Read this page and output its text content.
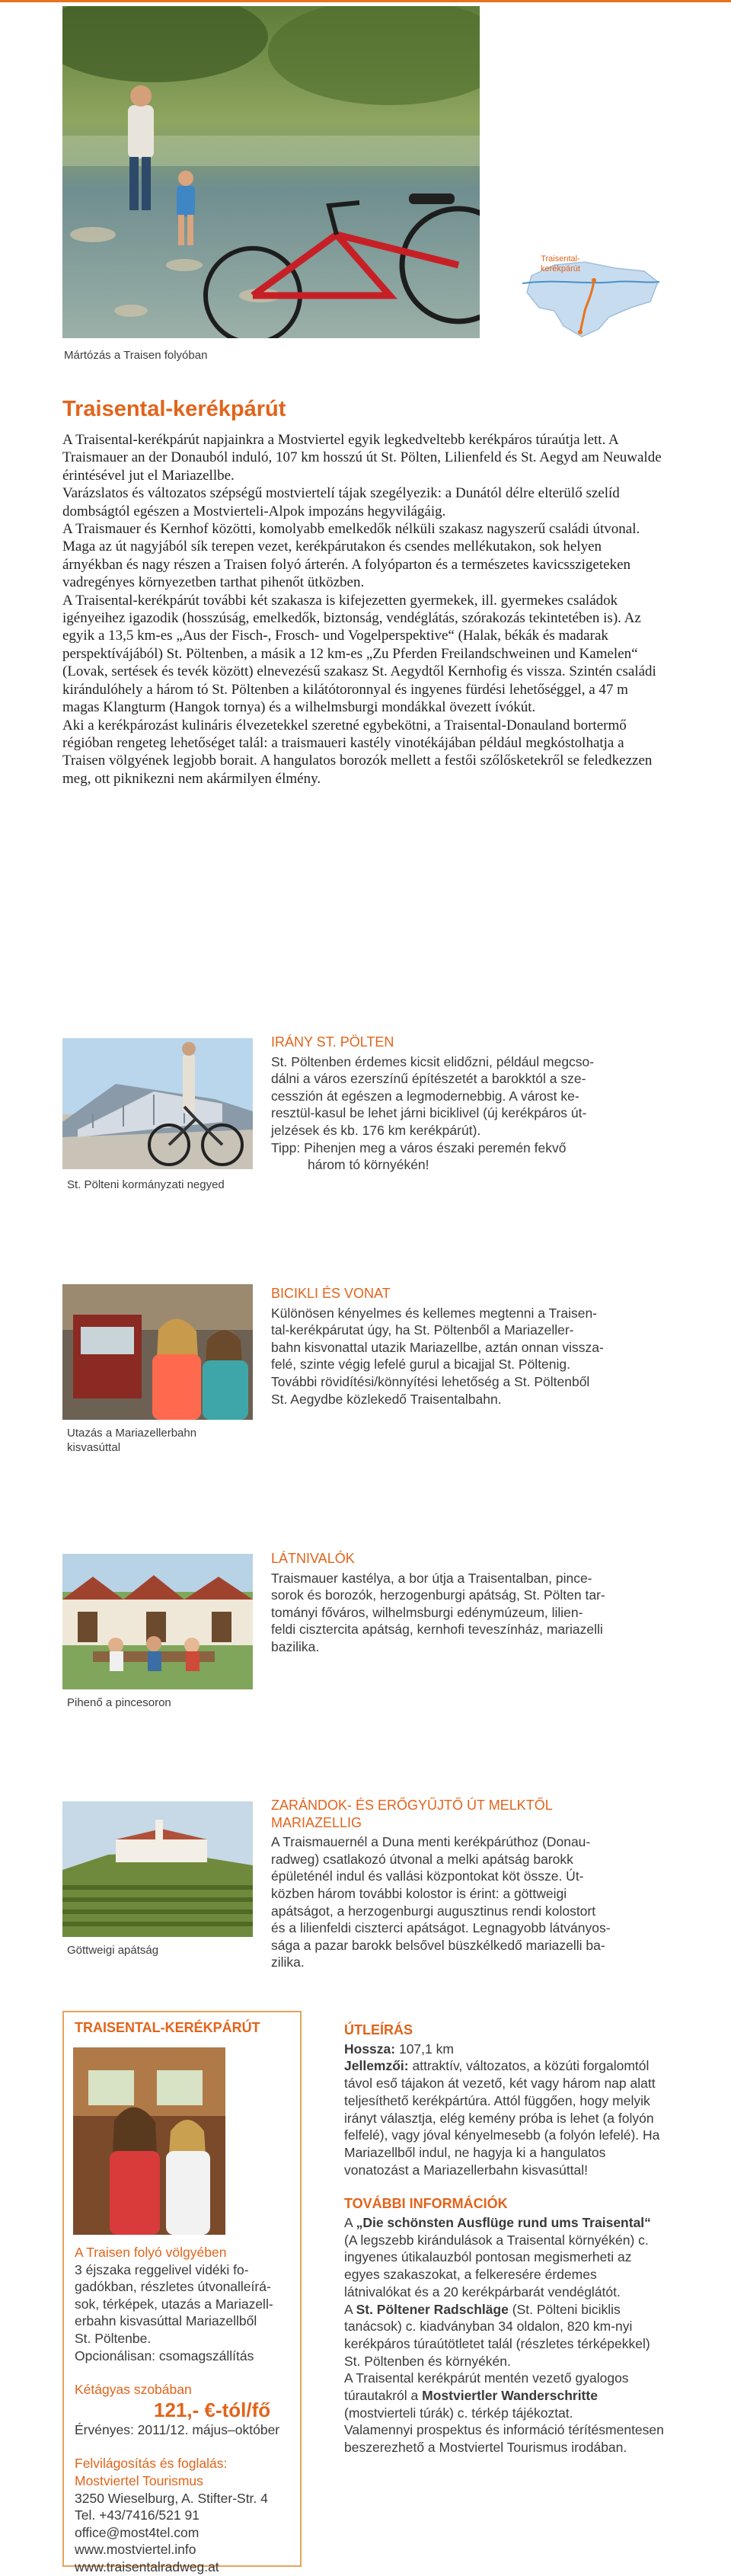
Mártózás a Traisen folyóban
Traisental-
kerékpárút
Traisental-kerékpárút

A Traisental-kerékpárút napjainkra a Mostviertel egyik legkedveltebb kerékpáros túraútja lett. A Traismauer an der Donauból induló, 107 km hosszú út St. Pölten, Lilienfeld és St. Aegyd am Neuwalde érintésével jut el Mariazellbe.

Varázslatos és változatos szépségű mostviertelí tájak szegélyezik: a Dunától délre elterülő szelíd dombságtól egészen a Mostvierteli-Alpok impozáns hegyvilágáig.

A Traismauer és Kernhof közötti, komolyabb emelkedők nélküli szakasz nagyszerű családi útvonal. Maga az út nagyjából sík terepen vezet, kerékpárutakon és csendes mellékutakon, sok helyen árnyékban és nagy részen a Traisen folyó árterén. A folyóparton és a természetes kavicsszigeteken vadregényes környezetben tarthat pihenőt ütközben.

A Traisental-kerékpárút további két szakasza is kifejezetten gyermekek, ill. gyermekes családok igényeihez igazodik (hosszúság, emelkedők, biztonság, vendéglátás, szórakozás tekintetében is). Az egyik a 13,5 km-es „Aus der Fisch-, Frosch- und Vogelperspektive“ (Halak, békák és madarak perspektívájából) St. Pöltenben, a másik a 12 km-es „Zu Pferden Freilandschweinen und Kamelen“ (Lovak, sertések és tevék között) elnevezésű szakasz St. Aegydtől Kernhofig és vissza. Szintén családi kirándulóhely a három tó St. Pöltenben a kilátótoronnyal és ingyenes fürdési lehetőséggel, a 47 m magas Klangturm (Hangok tornya) és a wilhelmsburgi mondákkal övezett ívókút.

Aki a kerékpározást kulináris élvezetekkel szeretné egybekötni, a Traisental-Donauland bortermő régióban rengeteg lehetőséget talál: a traismaueri kastély vinotékájában például megkóstolhatja a Traisen völgyének legjobb borait. A hangulatos borozók mellett a festői szőlősketekről se feledkezzen meg, ott piknikezni nem akármilyen élmény.

St. Pölteni kormányzati negyed
IRÁNY ST. PÖLTEN

St. Pöltenben érdemes kicsit elidőzni, például megcso-

dálni a város ezerszínű építészetét a barokktól a sze-

cesszión át egészen a legmodernebbig. A várost ke-

resztül-kasul be lehet járni biciklivel (új kerékpáros út-

jelzések és kb. 176 km kerékpárút).

Tipp: Pihenjen meg a város északi peremén fekvő

három tó környékén!

Utazás a Mariazellerbahn
kisvasúttal
BICIKLI ÉS VONAT

Különösen kényelmes és kellemes megtenni a Traisen-

tal-kerékpárutat úgy, ha St. Pöltenből a Mariazeller-

bahn kisvonattal utazik Mariazellbe, aztán onnan vissza-

felé, szinte végig lefelé gurul a bicajjal St. Pöltenig.

További rövidítési/könnyítési lehetőség a St. Pöltenből

St. Aegydbe közlekedő Traisentalbahn.

Pihenő a pincesoron
LÁTNIVALÓK

Traismauer kastélya, a bor útja a Traisentalban, pince-

sorok és borozók, herzogenburgi apátság, St. Pölten tar-

tományi főváros, wilhelmsburgi edénymúzeum, lilien-

feldi cisztercita apátság, kernhofi teveszínház, mariazelli

bazilika.

Göttweigi apátság
ZARÁNDOK- ÉS ERŐGYŰJTŐ ÚT MELKTŐL MARIAZELLIG

A Traismauernél a Duna menti kerékpárúthoz (Donau-

radweg) csatlakozó útvonal a melki apátság barokk

épületénél indul és vallási központokat köt össze. Út-

közben három további kolostor is érint: a göttweigi

apátságot, a herzogenburgi augusztinus rendi kolostort

és a lilienfeldi ciszterci apátságot. Legnagyobb látványos-

sága a pazar barokk belsővel büszkélkedő mariazelli ba-

zilika.

TRAISENTAL-KERÉKPÁRÚT

A Traisen folyó völgyében

3 éjszaka reggelivel vidéki fo-

gadókban, részletes útvonalleírá-

sok, térképek, utazás a Mariazell-

erbahn kisvasúttal Mariazellből

St. Pöltenbe.

Opcionálisan: csomagszállítás

Kétágyas szobában

121,- €-tól/fő

Érvényes: 2011/12. május–október

Felvilágosítás és foglalás:

Mostviertel Tourismus

3250 Wieselburg, A. Stifter-Str. 4

Tel. +43/7416/521 91

office@most4tel.com

www.mostviertel.info

www.traisentalradweg.at

ÚTLEÍRÁS

Hossza: 107,1 km

Jellemzői: attraktív, változatos, a közúti forgalomtól távol eső tájakon át vezető, két vagy három nap alatt teljesíthető kerékpártúra. Attól függően, hogy melyik irányt választja, elég kemény próba is lehet (a folyón felfelé), vagy jóval kényelmesebb (a folyón lefelé). Ha Mariazellből indul, ne hagyja ki a hangulatos vonatozást a Mariazellerbahn kisvasúttal!

TOVÁBBI INFORMÁCIÓK

A „Die schönsten Ausflüge rund ums Traisental“ (A legszebb kirándulások a Traisental környékén) c. ingyenes útikalauzból pontosan megismerheti az egyes szakaszokat, a felkeresére érdemes látnivalókat és a 20 kerékpárbarát vendéglátót.

A St. Pöltener Radschläge (St. Pölteni biciklis tanácsok) c. kiadványban 34 oldalon, 820 km-nyi kerékpáros túraútötletet talál (részletes térképekkel) St. Pöltenben és környékén.

A Traisental kerékpárút mentén vezető gyalogos túrautakról a Mostviertler Wanderschritte (mostvierteli túrák) c. térkép tájékoztat.

Valamennyi prospektus és információ térítésmentesen beszerezhető a Mostviertel Tourismus irodában.
